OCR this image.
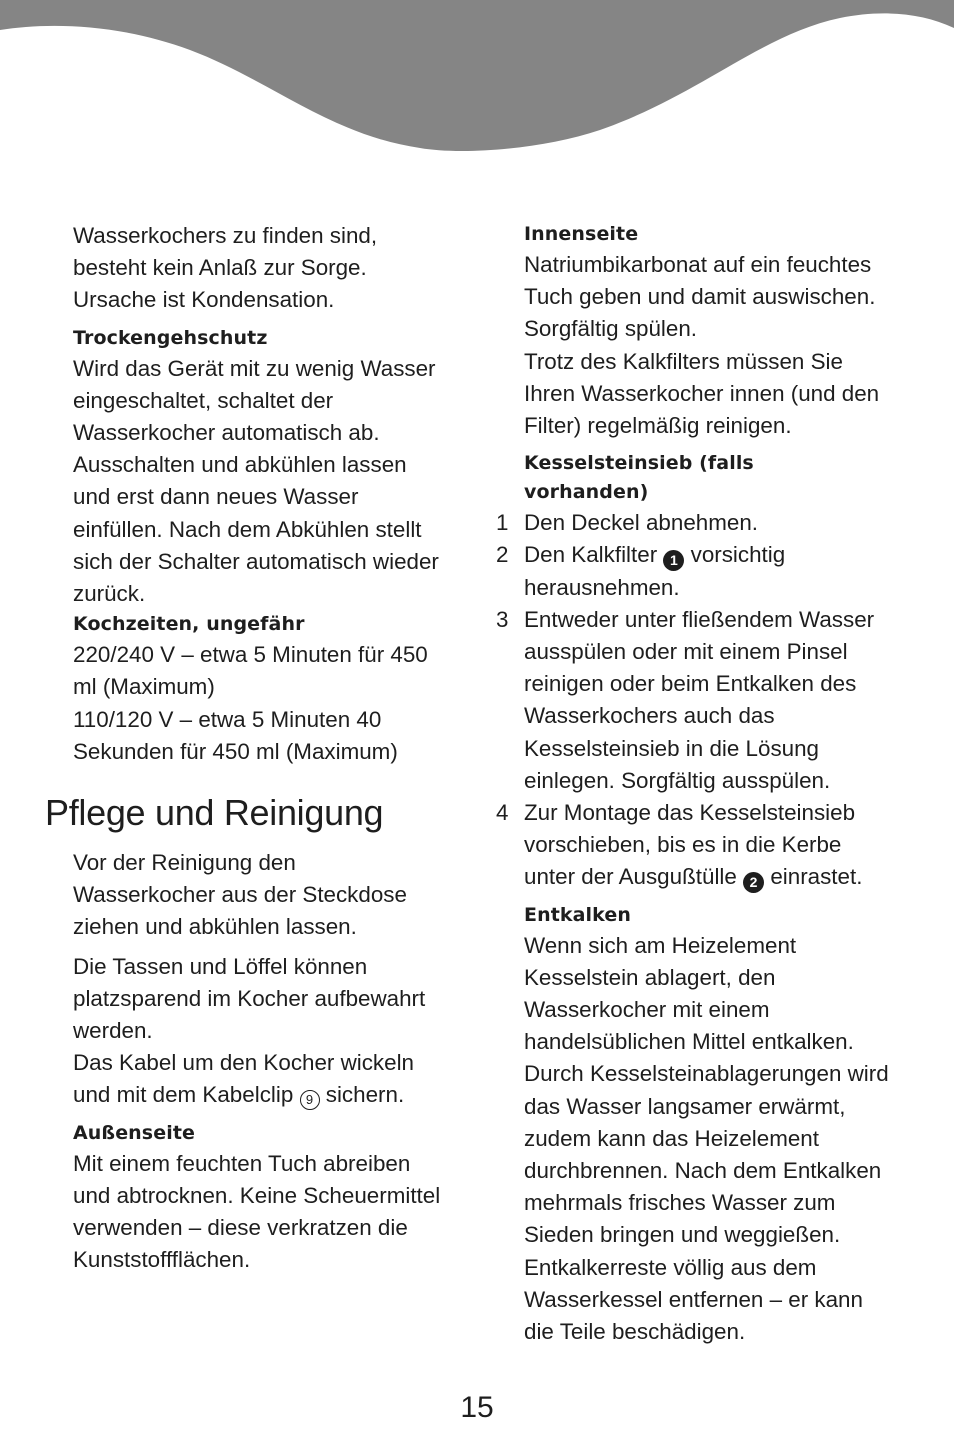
Wasserkochers zu finden sind,

besteht kein Anlaß zur Sorge.

Ursache ist Kondensation.

Trockengehschutz

Wird das Gerät mit zu wenig Wasser

eingeschaltet, schaltet der

Wasserkocher automatisch ab.

Ausschalten und abkühlen lassen

und erst dann neues Wasser

einfüllen. Nach dem Abkühlen stellt

sich der Schalter automatisch wieder

zurück.

Kochzeiten, ungefähr

220/240 V – etwa 5 Minuten für 450

ml (Maximum)

110/120 V – etwa 5 Minuten 40

Sekunden für 450 ml (Maximum)

Pflege und Reinigung

Vor der Reinigung den

Wasserkocher aus der Steckdose

ziehen und abkühlen lassen.

Die Tassen und Löffel können

platzsparend im Kocher aufbewahrt

werden.

Das Kabel um den Kocher wickeln

und mit dem Kabelclip 9 sichern.

Außenseite

Mit einem feuchten Tuch abreiben

und abtrocknen. Keine Scheuermittel

verwenden – diese verkratzen die

Kunststoffflächen.

Innenseite

Natriumbikarbonat auf ein feuchtes

Tuch geben und damit auswischen.

Sorgfältig spülen.

Trotz des Kalkfilters müssen Sie

Ihren Wasserkocher innen (und den

Filter) regelmäßig reinigen.

Kesselsteinsieb (falls
vorhanden)
1 Den Deckel abnehmen.

2 Den Kalkfilter 1 vorsichtig

herausnehmen.

3 Entweder unter fließendem Wasser

ausspülen oder mit einem Pinsel

reinigen oder beim Entkalken des

Wasserkochers auch das

Kesselsteinsieb in die Lösung

einlegen. Sorgfältig ausspülen.

4 Zur Montage das Kesselsteinsieb

vorschieben, bis es in die Kerbe

unter der Ausgußtülle 2 einrastet.

Entkalken

Wenn sich am Heizelement

Kesselstein ablagert, den

Wasserkocher mit einem

handelsüblichen Mittel entkalken.

Durch Kesselsteinablagerungen wird

das Wasser langsamer erwärmt,

zudem kann das Heizelement

durchbrennen. Nach dem Entkalken

mehrmals frisches Wasser zum

Sieden bringen und weggießen.

Entkalkerreste völlig aus dem

Wasserkessel entfernen – er kann

die Teile beschädigen.

15
